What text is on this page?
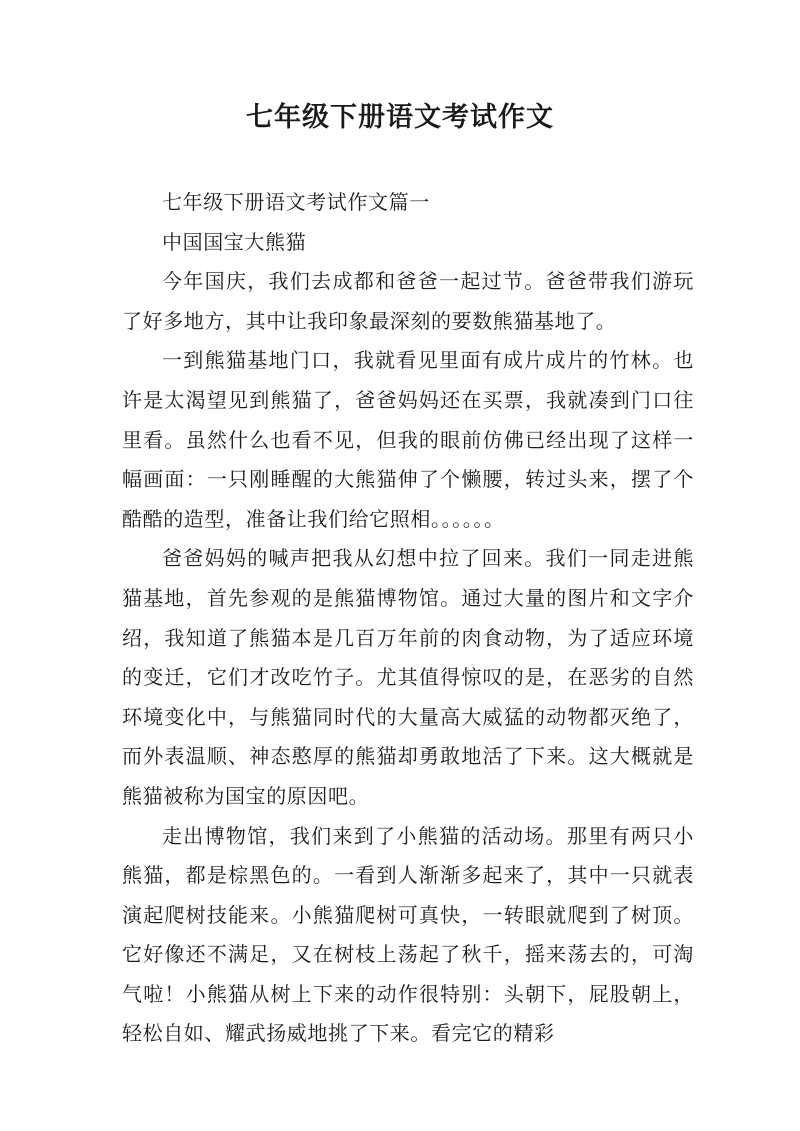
七年级下册语文考试作文

七年级下册语文考试作文篇一

中国国宝大熊猫

今年国庆，我们去成都和爸爸一起过节。爸爸带我们游玩了好多地方，其中让我印象最深刻的要数熊猫基地了。

一到熊猫基地门口，我就看见里面有成片成片的竹林。也许是太渴望见到熊猫了，爸爸妈妈还在买票，我就凑到门口往里看。虽然什么也看不见，但我的眼前仿佛已经出现了这样一幅画面：一只刚睡醒的大熊猫伸了个懒腰，转过头来，摆了个酷酷的造型，准备让我们给它照相。。。。。。

爸爸妈妈的喊声把我从幻想中拉了回来。我们一同走进熊猫基地，首先参观的是熊猫博物馆。通过大量的图片和文字介绍，我知道了熊猫本是几百万年前的肉食动物，为了适应环境的变迁，它们才改吃竹子。尤其值得惊叹的是，在恶劣的自然环境变化中，与熊猫同时代的大量高大威猛的动物都灭绝了，而外表温顺、神态憨厚的熊猫却勇敢地活了下来。这大概就是熊猫被称为国宝的原因吧。

走出博物馆，我们来到了小熊猫的活动场。那里有两只小熊猫，都是棕黑色的。一看到人渐渐多起来了，其中一只就表演起爬树技能来。小熊猫爬树可真快，一转眼就爬到了树顶。它好像还不满足，又在树枝上荡起了秋千，摇来荡去的，可淘气啦！小熊猫从树上下来的动作很特别：头朝下，屁股朝上，轻松自如、耀武扬威地挑了下来。看完它的精彩
